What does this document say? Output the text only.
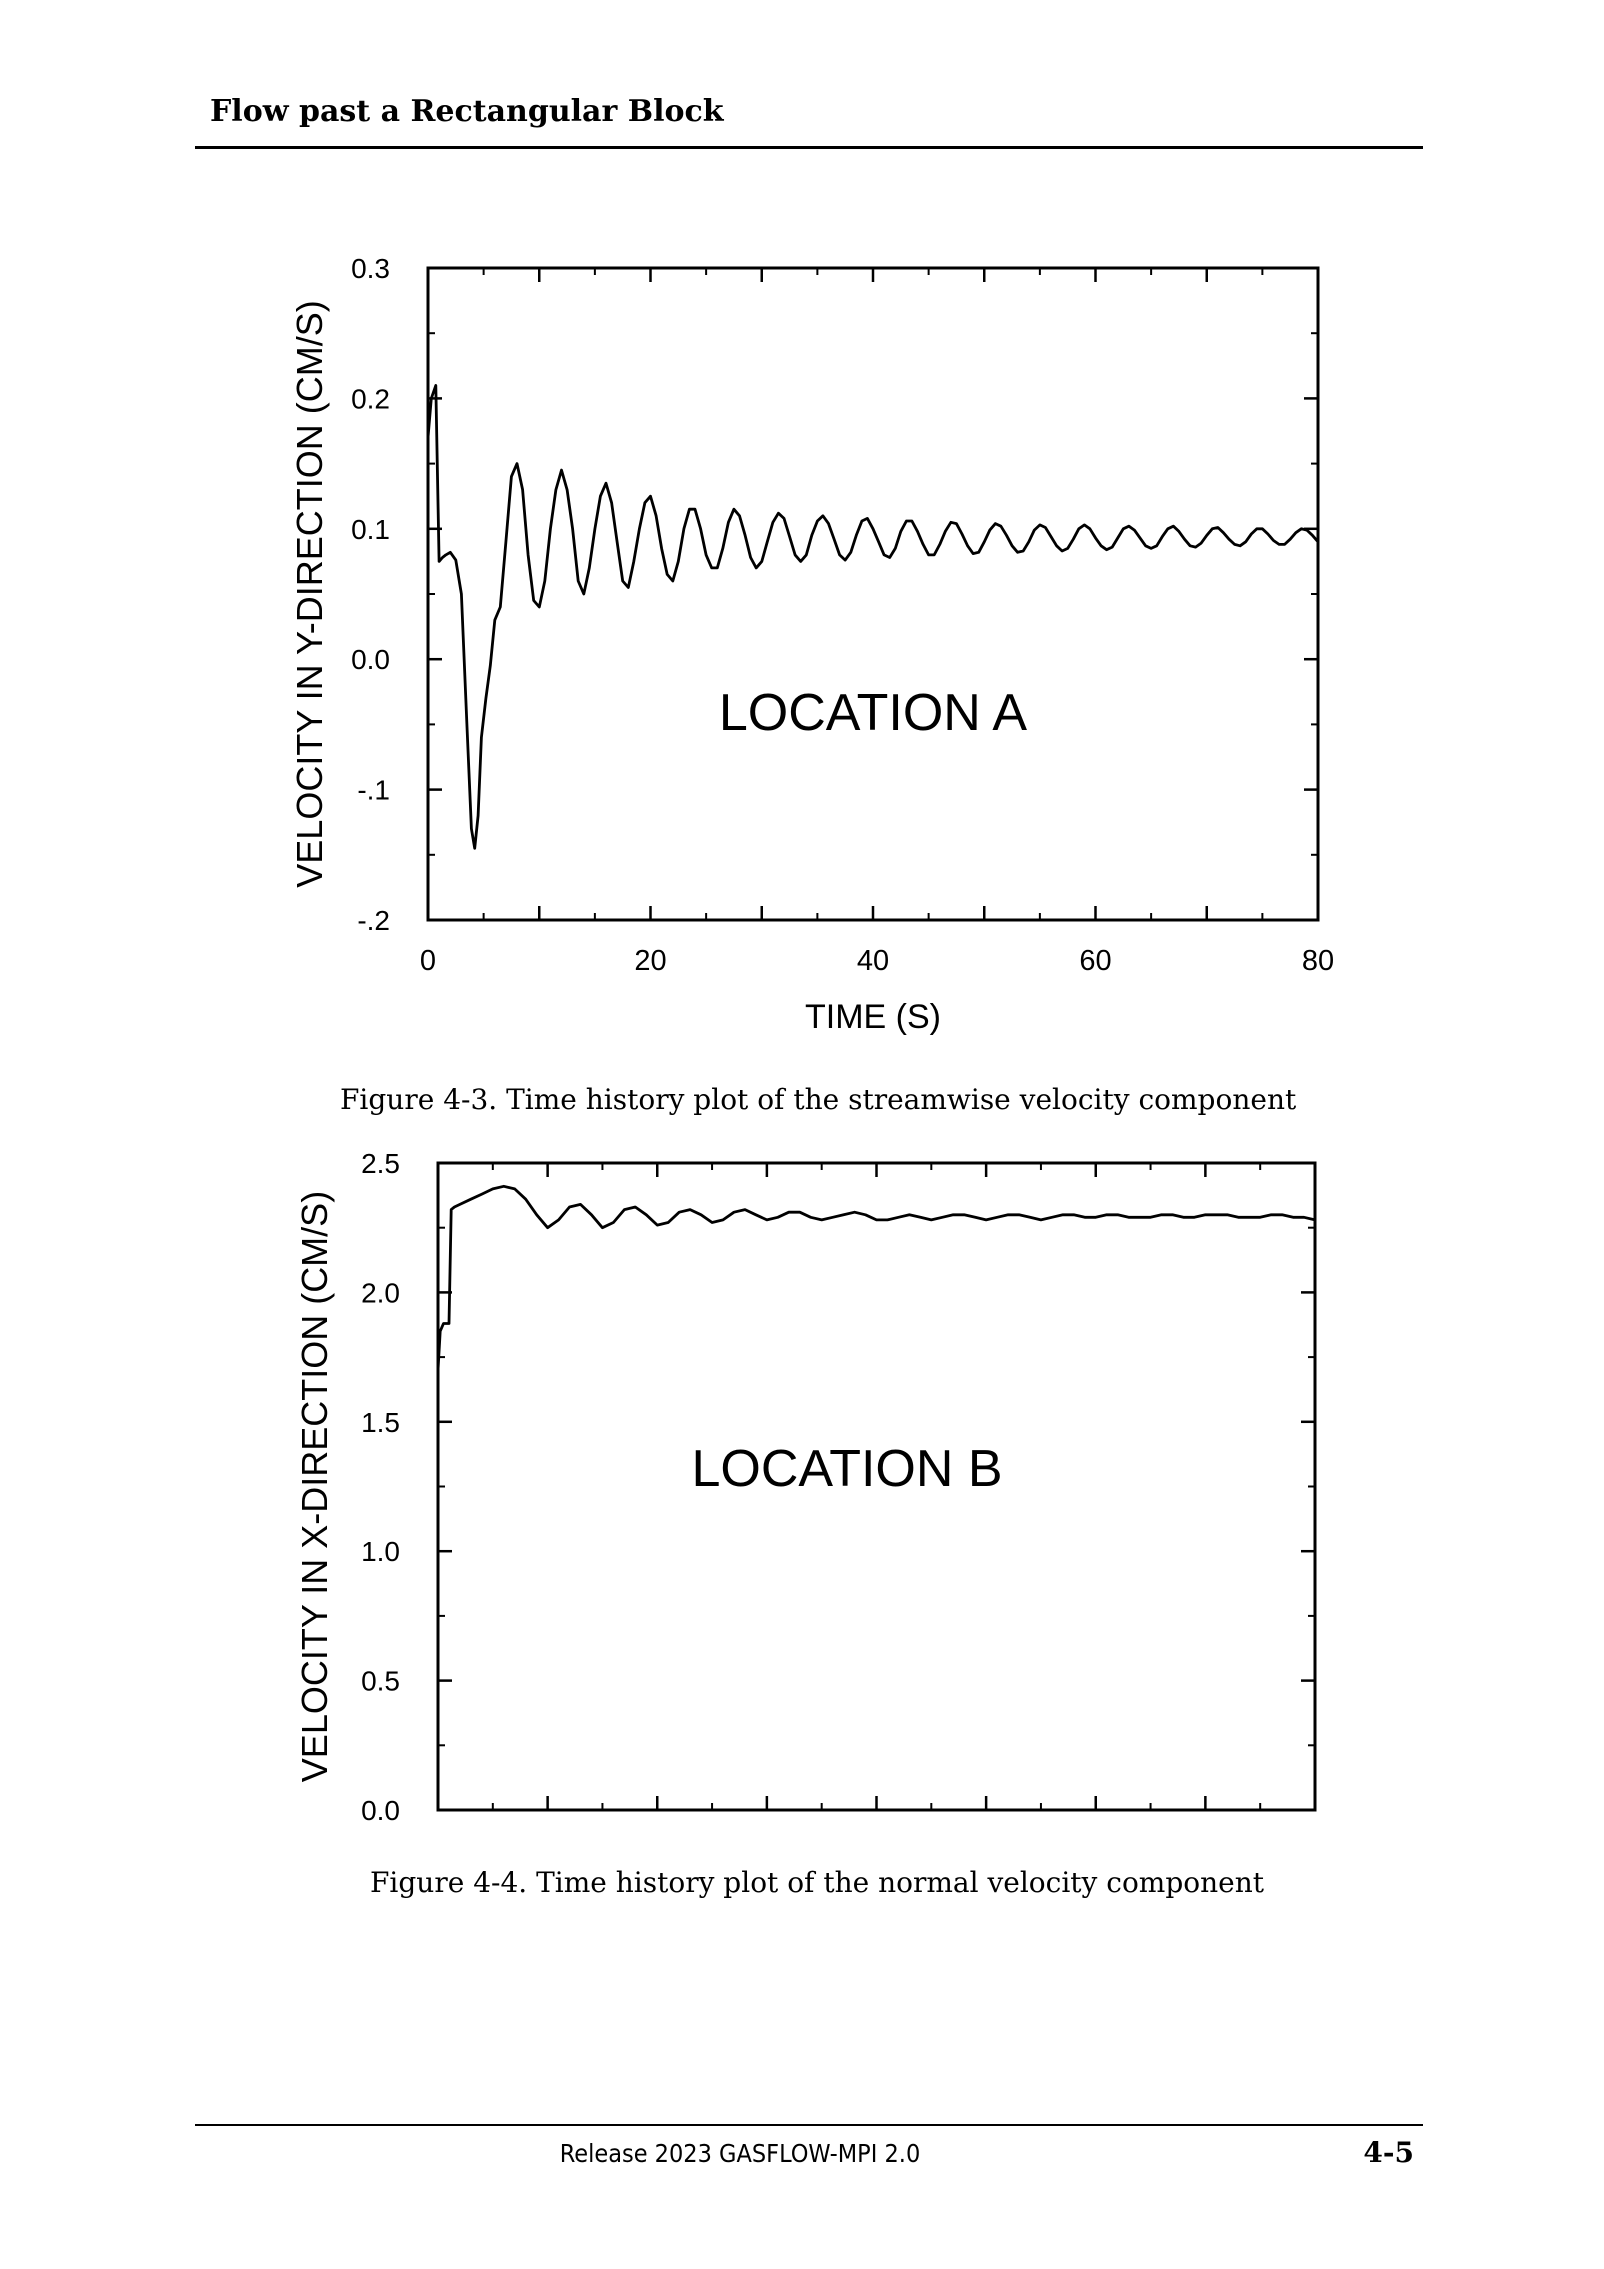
Flow past a Rectangular Block
0.3
0.2
0.1
0.0
-.1
-.2
0	20	40	60	80
TIME (S)
VELOCITY IN Y-DIRECTION (CM/S)	LOCATION A
2.5
2.0
1.5
1.0
0.5
0.0
VELOCITY IN X-DIRECTION (CM/S)	LOCATION B
Figure 4-3. Time history plot of the streamwise velocity component
Figure 4-4. Time history plot of the normal velocity component
Release 2023 GASFLOW-MPI 2.0	4-5
